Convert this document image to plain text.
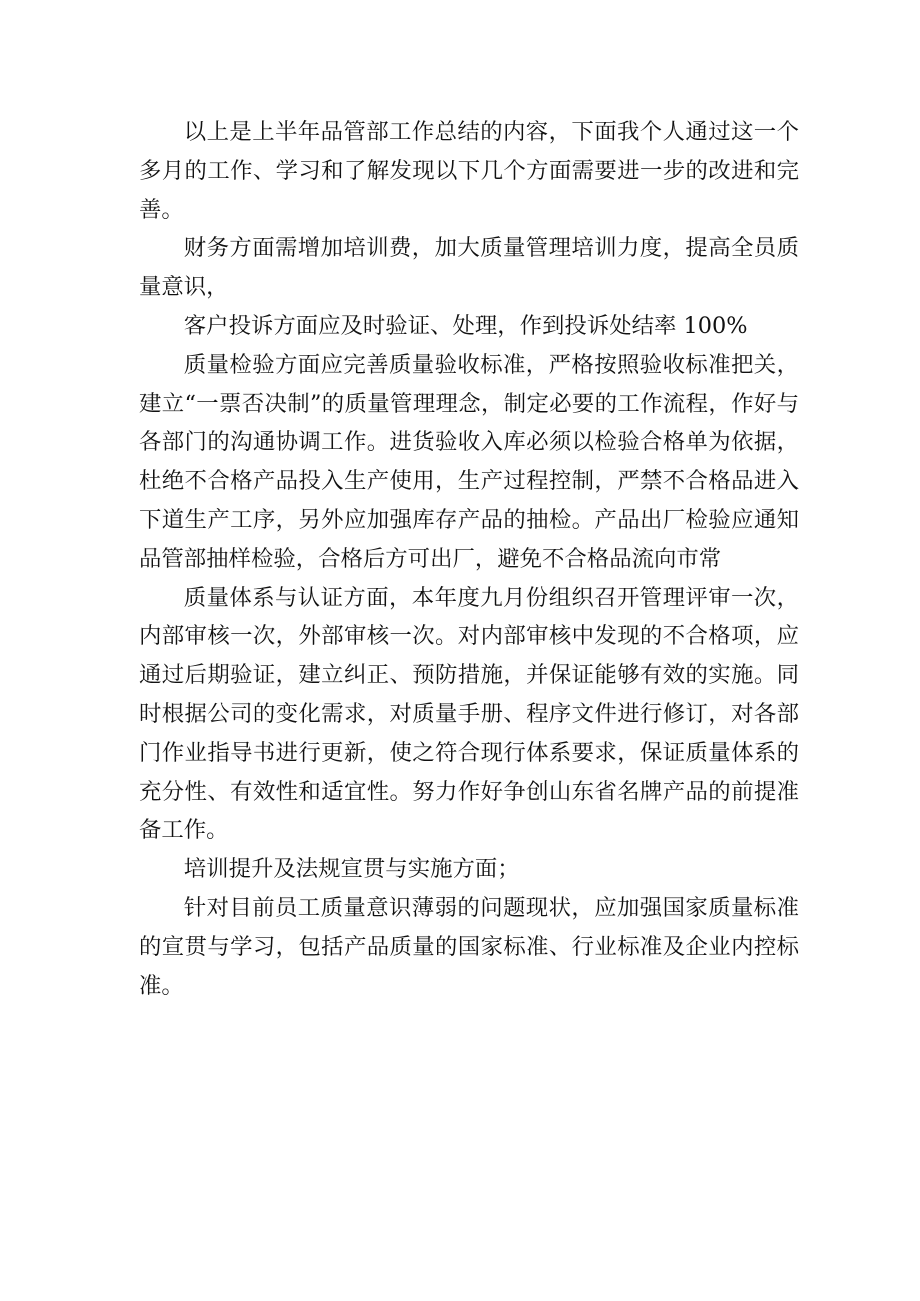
以上是上半年品管部工作总结的内容，下面我个人通过这一个多月的工作、学习和了解发现以下几个方面需要进一步的改进和完善。

财务方面需增加培训费，加大质量管理培训力度，提高全员质量意识，

客户投诉方面应及时验证、处理，作到投诉处结率 100%

质量检验方面应完善质量验收标准，严格按照验收标准把关，建立“一票否决制”的质量管理理念，制定必要的工作流程，作好与各部门的沟通协调工作。进货验收入库必须以检验合格单为依据，杜绝不合格产品投入生产使用，生产过程控制，严禁不合格品进入下道生产工序，另外应加强库存产品的抽检。产品出厂检验应通知品管部抽样检验，合格后方可出厂，避免不合格品流向市常

质量体系与认证方面，本年度九月份组织召开管理评审一次，内部审核一次，外部审核一次。对内部审核中发现的不合格项，应通过后期验证，建立纠正、预防措施，并保证能够有效的实施。同时根据公司的变化需求，对质量手册、程序文件进行修订，对各部门作业指导书进行更新，使之符合现行体系要求，保证质量体系的充分性、有效性和适宜性。努力作好争创山东省名牌产品的前提准备工作。

培训提升及法规宣贯与实施方面；

针对目前员工质量意识薄弱的问题现状，应加强国家质量标准的宣贯与学习，包括产品质量的国家标准、行业标准及企业内控标准。
